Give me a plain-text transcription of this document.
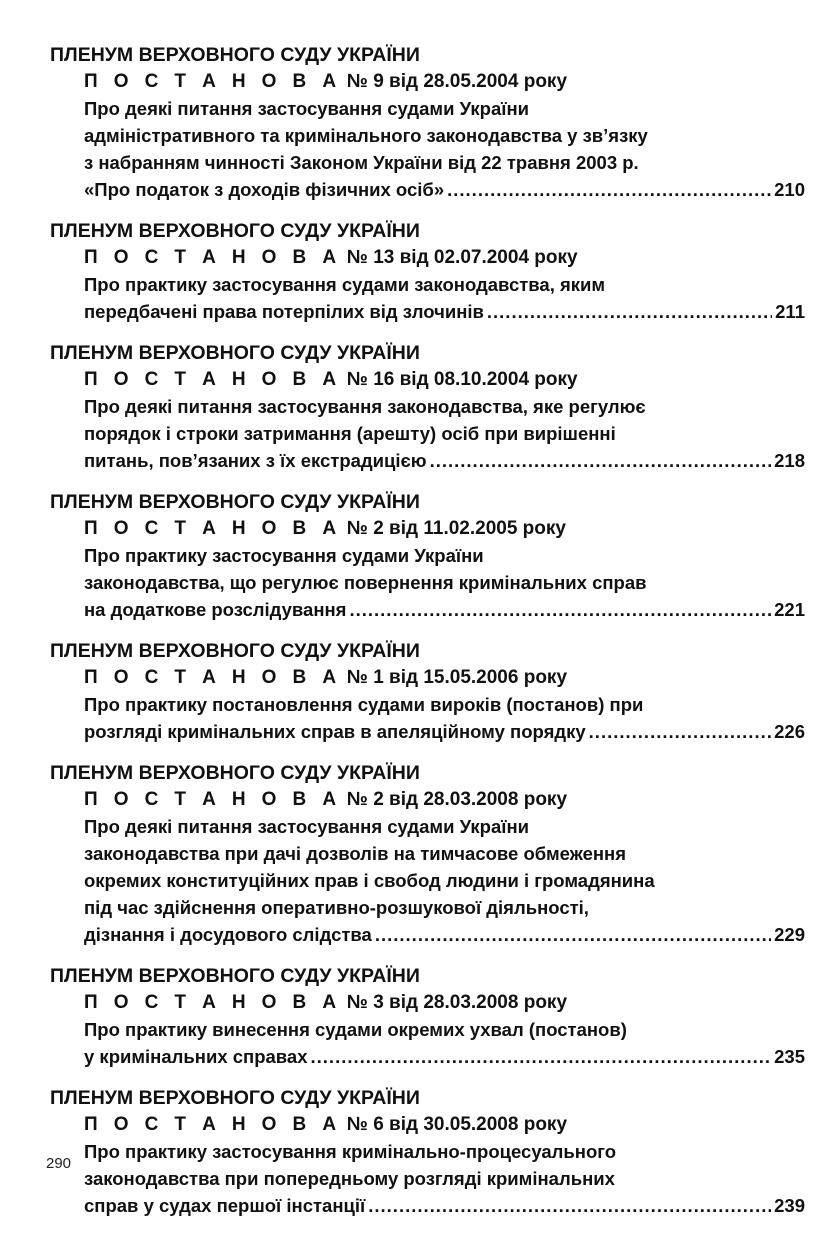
ПЛЕНУМ ВЕРХОВНОГО СУДУ УКРАЇНИ
П О С Т А Н О В А № 9 від 28.05.2004 року
Про деякі питання застосування судами України
адміністративного та кримінального законодавства у зв’язку
з набранням чинності Законом України від 22 травня 2003 р.
«Про податок з доходів фізичних осіб» .....	210
ПЛЕНУМ ВЕРХОВНОГО СУДУ УКРАЇНИ
П О С Т А Н О В А № 13 від 02.07.2004 року
Про практику застосування судами законодавства, яким
передбачені права потерпілих від злочинів .....	211
ПЛЕНУМ ВЕРХОВНОГО СУДУ УКРАЇНИ
П О С Т А Н О В А № 16 від 08.10.2004 року
Про деякі питання застосування законодавства, яке регулює
порядок і строки затримання (арешту) осіб при вирішенні
питань, пов’язаних з їх екстрадицією .....	218
ПЛЕНУМ ВЕРХОВНОГО СУДУ УКРАЇНИ
П О С Т А Н О В А № 2 від 11.02.2005 року
Про практику застосування судами України
законодавства, що регулює повернення кримінальних справ
на додаткове розслідування .....	221
ПЛЕНУМ ВЕРХОВНОГО СУДУ УКРАЇНИ
П О С Т А Н О В А № 1 від 15.05.2006 року
Про практику постановлення судами вироків (постанов) при
розгляді кримінальних справ в апеляційному порядку .....	226
ПЛЕНУМ ВЕРХОВНОГО СУДУ УКРАЇНИ
П О С Т А Н О В А № 2 від 28.03.2008 року
Про деякі питання застосування судами України
законодавства при дачі дозволів на тимчасове обмеження
окремих конституційних прав і свобод людини і громадянина
під час здійснення оперативно-розшукової діяльності,
дізнання і досудового слідства .....	229
ПЛЕНУМ ВЕРХОВНОГО СУДУ УКРАЇНИ
П О С Т А Н О В А № 3 від 28.03.2008 року
Про практику винесення судами окремих ухвал (постанов)
у кримінальних справах .....	235
ПЛЕНУМ ВЕРХОВНОГО СУДУ УКРАЇНИ
П О С Т А Н О В А № 6 від 30.05.2008 року
Про практику застосування кримінально-процесуального
законодавства при попередньому розгляді кримінальних
справ у судах першої інстанції .....	239
290
